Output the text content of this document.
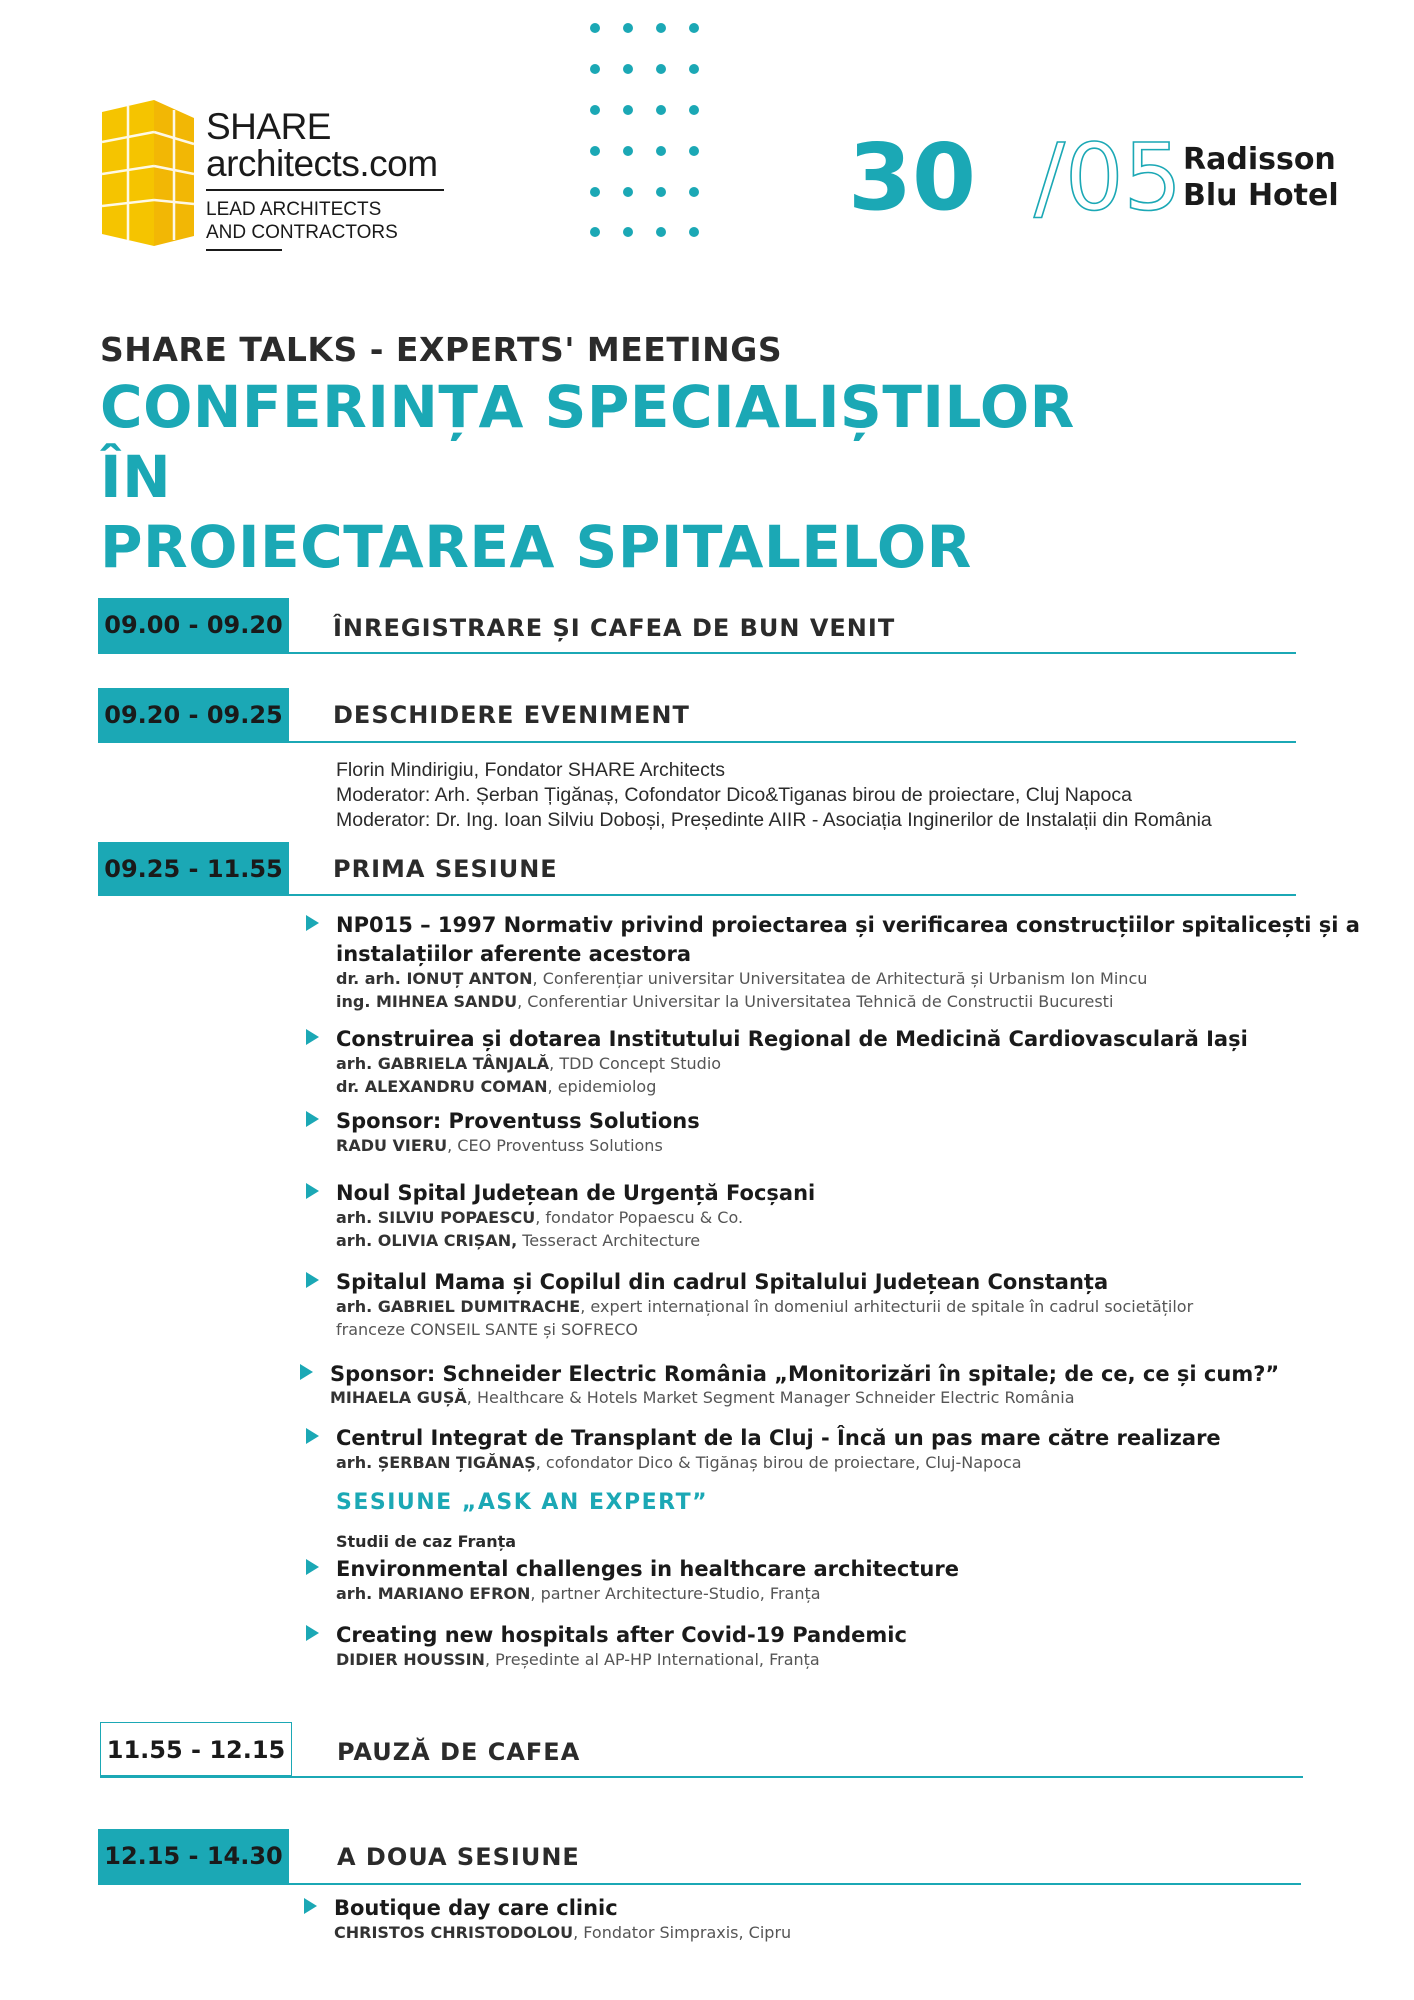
SHARE
architects.com
LEAD ARCHITECTS
AND CONTRACTORS
30 /05 Radisson
Blu Hotel
SHARE TALKS - EXPERTS' MEETINGS
CONFERINȚA SPECIALIȘTILOR ÎN
PROIECTAREA SPITALELOR
09.00 - 09.20 ÎNREGISTRARE ȘI CAFEA DE BUN VENIT
09.20 - 09.25 DESCHIDERE EVENIMENT
Florin Mindirigiu, Fondator SHARE Architects
Moderator: Arh. Șerban Țigănaș, Cofondator Dico&Tiganas birou de proiectare, Cluj Napoca
Moderator: Dr. Ing. Ioan Silviu Doboși, Președinte AIIR - Asociația Inginerilor de Instalații din România
09.25 - 11.55 PRIMA SESIUNE
NP015 – 1997 Normativ privind proiectarea și verificarea construcțiilor spitalicești și a
instalațiilor aferente acestora
dr. arh. IONUȚ ANTON, Conferențiar universitar Universitatea de Arhitectură și Urbanism Ion Mincu
ing. MIHNEA SANDU, Conferentiar Universitar la Universitatea Tehnică de Constructii Bucuresti
Construirea și dotarea Institutului Regional de Medicină Cardiovasculară Iași
arh. GABRIELA TÂNJALĂ, TDD Concept Studio
dr. ALEXANDRU COMAN, epidemiolog
Sponsor: Proventuss Solutions
RADU VIERU, CEO Proventuss Solutions
Noul Spital Județean de Urgență Focșani
arh. SILVIU POPAESCU, fondator Popaescu & Co.
arh. OLIVIA CRIȘAN, Tesseract Architecture
Spitalul Mama și Copilul din cadrul Spitalului Județean Constanța
arh. GABRIEL DUMITRACHE, expert internațional în domeniul arhitecturii de spitale în cadrul societăților
franceze CONSEIL SANTE și SOFRECO
Sponsor: Schneider Electric România „Monitorizări în spitale; de ce, ce și cum?”
MIHAELA GUȘĂ, Healthcare & Hotels Market Segment Manager Schneider Electric România
Centrul Integrat de Transplant de la Cluj - Încă un pas mare către realizare
arh. ȘERBAN ȚIGĂNAȘ, cofondator Dico & Tigănaș birou de proiectare, Cluj-Napoca
SESIUNE „ASK AN EXPERT”
Studii de caz Franța
Environmental challenges in healthcare architecture
arh. MARIANO EFRON, partner Architecture-Studio, Franța
Creating new hospitals after Covid-19 Pandemic
DIDIER HOUSSIN, Președinte al AP-HP International, Franța
11.55 - 12.15 PAUZĂ DE CAFEA
12.15 - 14.30 A DOUA SESIUNE
Boutique day care clinic
CHRISTOS CHRISTODOLOU, Fondator Simpraxis, Cipru
